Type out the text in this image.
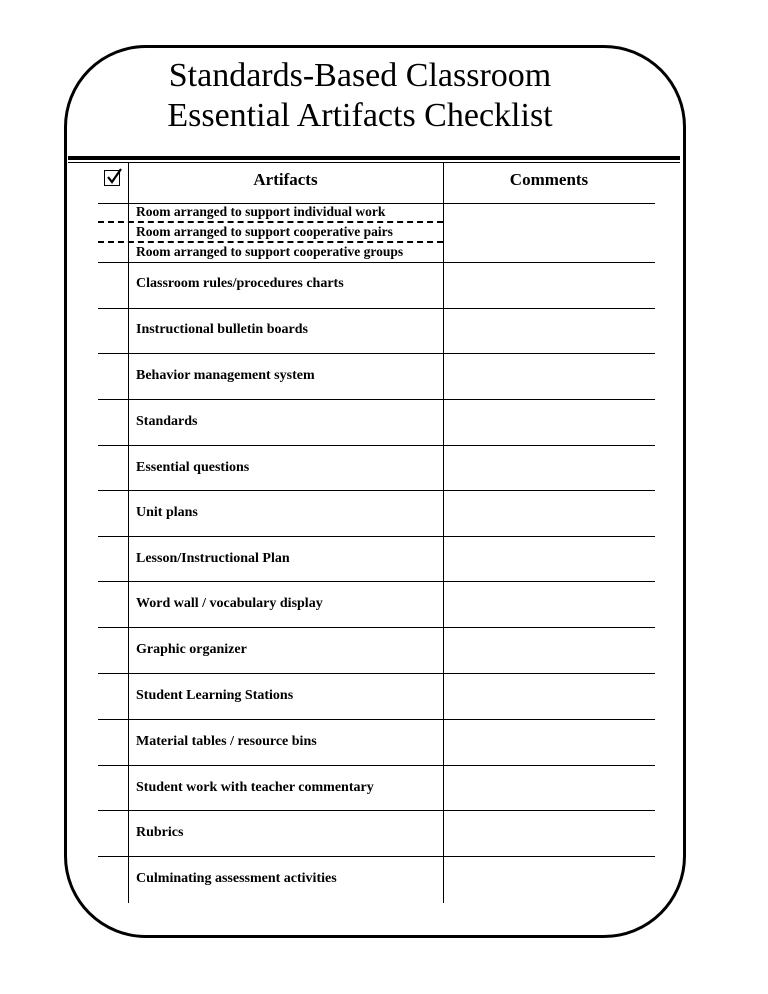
Standards-Based Classroom
Essential Artifacts Checklist
Artifacts	Comments
Room arranged to support individual work
Room arranged to support cooperative pairs
Room arranged to support cooperative groups
Classroom rules/procedures charts
Instructional bulletin boards
Behavior management system
Standards
Essential questions
Unit plans
Lesson/Instructional Plan
Word wall / vocabulary display
Graphic organizer
Student Learning Stations
Material tables / resource bins
Student work with teacher commentary
Rubrics
Culminating assessment activities
